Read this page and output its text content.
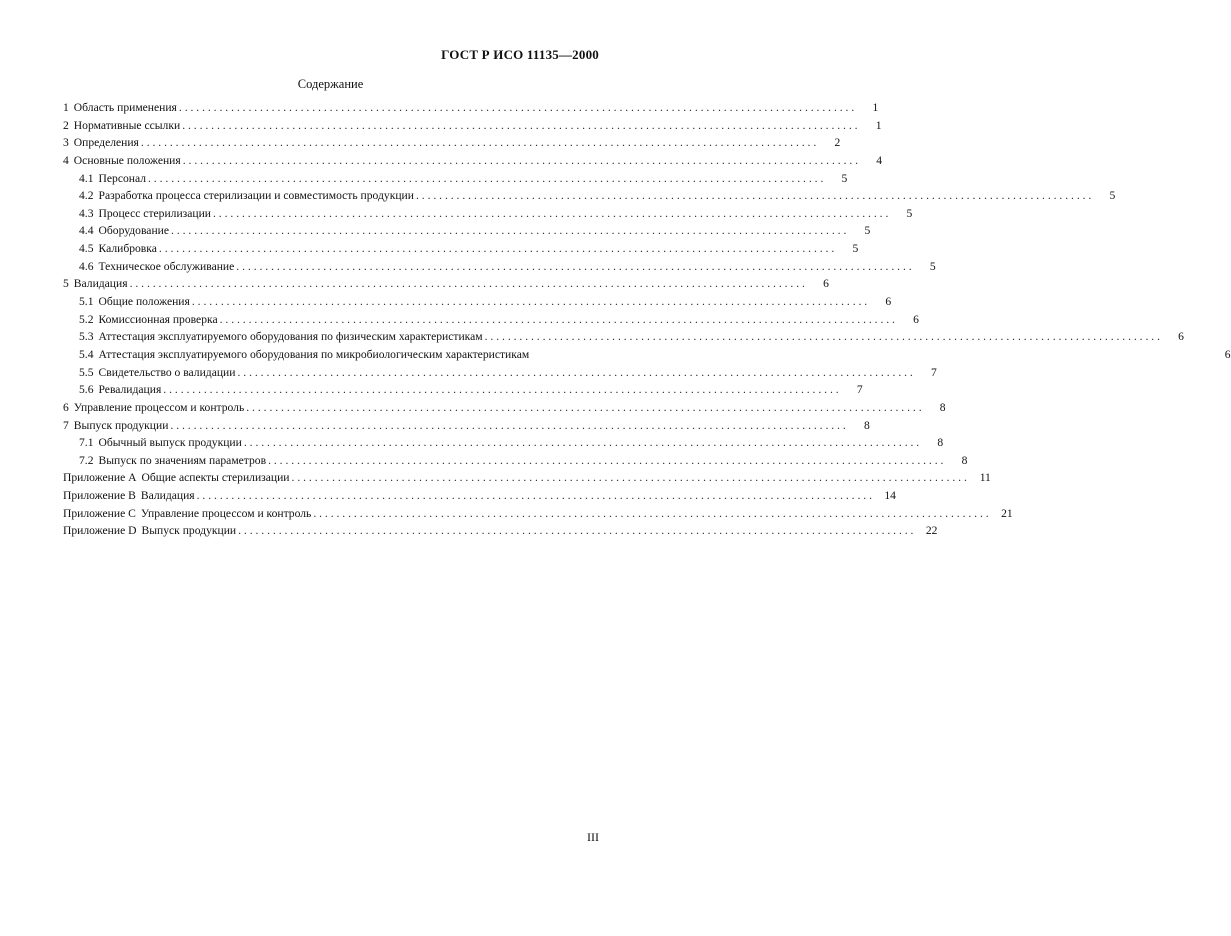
ГОСТ Р ИСО 11135—2000
Содержание
1 Область применения . . .	1
2 Нормативные ссылки . . .	1
3 Определения . . .	2
4 Основные положения . . .	4
4.1 Персонал . . .	5
4.2 Разработка процесса стерилизации и совместимость продукции . . .	5
4.3 Процесс стерилизации . . .	5
4.4 Оборудование . . .	5
4.5 Калибровка . . .	5
4.6 Техническое обслуживание . . .	5
5 Валидация . . .	6
5.1 Общие положения . . .	6
5.2 Комиссионная проверка . . .	6
5.3 Аттестация эксплуатируемого оборудования по физическим характеристикам . . .	6
5.4 Аттестация эксплуатируемого оборудования по микробиологическим характеристикам	6
5.5 Свидетельство о валидации . . .	7
5.6 Ревалидация . . .	7
6 Управление процессом и контроль . . .	8
7 Выпуск продукции . . .	8
7.1 Обычный выпуск продукции . . .	8
7.2 Выпуск по значениям параметров . . .	8
Приложение А Общие аспекты стерилизации . . .	11
Приложение В Валидация . . .	14
Приложение С Управление процессом и контроль . . .	21
Приложение D Выпуск продукции . . .	22
III
